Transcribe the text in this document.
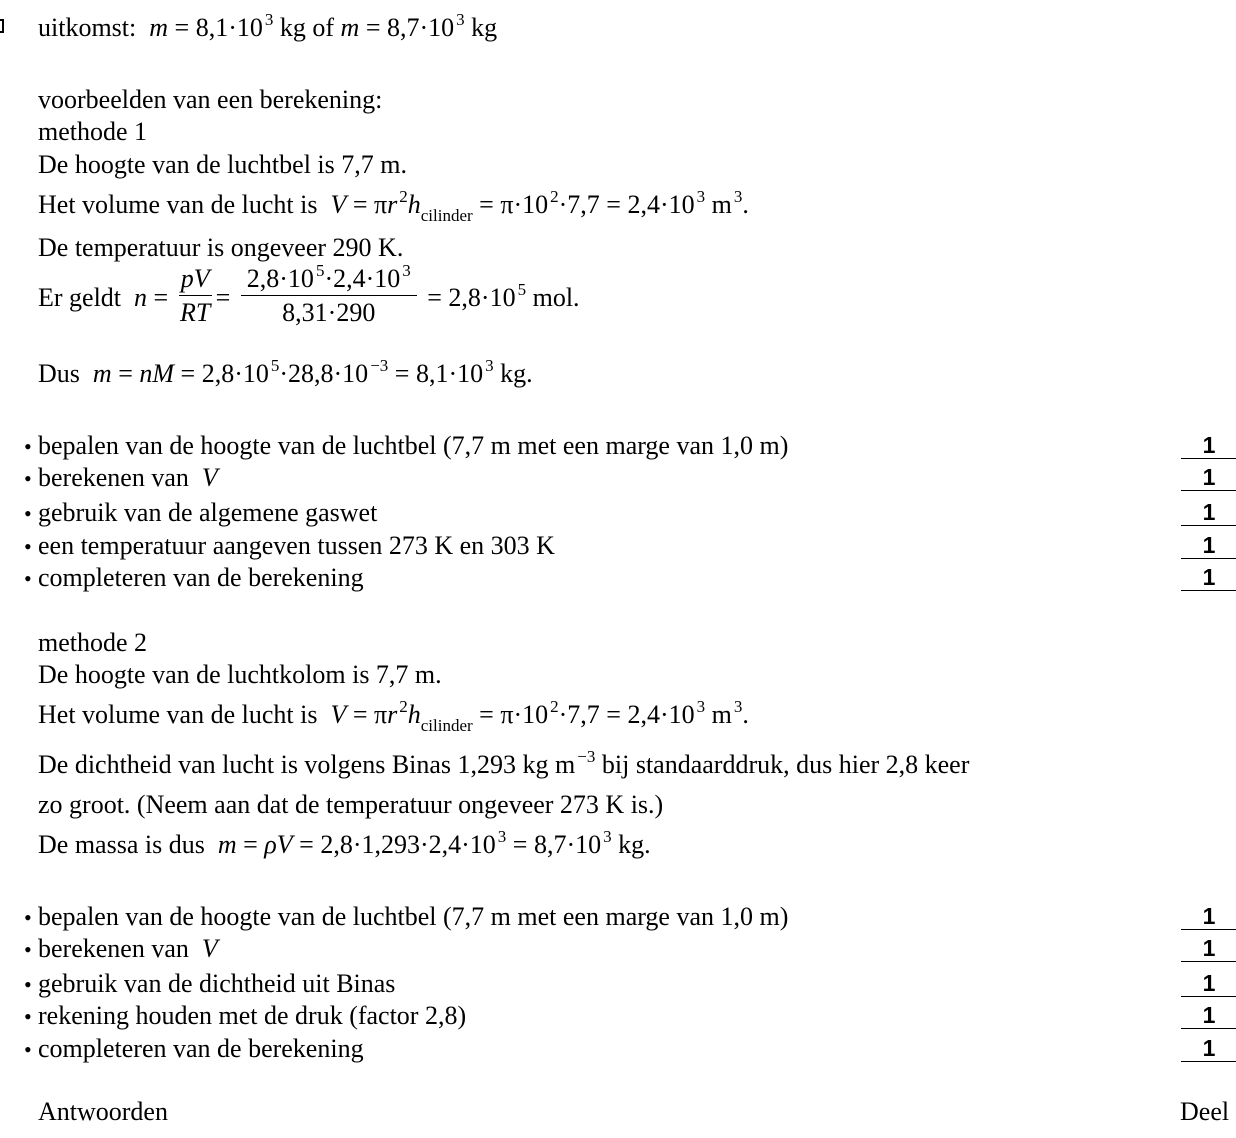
uitkomst: m = 8,1·10 $^3$ kg of m = 8,7·10 $^3$ kg
voorbeelden van een berekening:
methode 1
De hoogte van de luchtbel is 7,7 m.
Het volume van de lucht is V = πr $^2h_{cilinder} = \pi\cdot 10$ $^2$·7,7 = 2,4·10 $^3$ m $^3$.
De temperatuur is ongeveer 290 K.
Er geldt $n = \frac{pV}{RT} = \frac{2,8\cdot 10 ^5\cdot 2,4\cdot 10 ^3}{8,31\cdot 290} = 2,8\cdot 10$ $^5$ mol.
Dus m = nM = 2,8·10 $^5$·28,8·10 $^{-3}$ = 8,1·10 $^3$ kg.
• bepalen van de hoogte van de luchtbel (7,7 m met een marge van 1,0 m)	1
• berekenen van V	1
• gebruik van de algemene gaswet	1
• een temperatuur aangeven tussen 273 K en 303 K	1
• completeren van de berekening	1
methode 2
De hoogte van de luchtkolom is 7,7 m.
Het volume van de lucht is V = πr $^2h_{cilinder} = \pi\cdot 10$ $^2$·7,7 = 2,4·10 $^3$ m $^3$.
De dichtheid van lucht is volgens Binas 1,293 kg m $^{-3}$ bij standaarddruk, dus hier 2,8 keer
zo groot. (Neem aan dat de temperatuur ongeveer 273 K is.)
De massa is dus m = ρV = 2,8·1,293·2,4·10 $^3$ = 8,7·10 $^3$ kg.
• bepalen van de hoogte van de luchtbel (7,7 m met een marge van 1,0 m)	1
• berekenen van V	1
• gebruik van de dichtheid uit Binas	1
• rekening houden met de druk (factor 2,8)	1
• completeren van de berekening	1
Antwoorden	Deel
